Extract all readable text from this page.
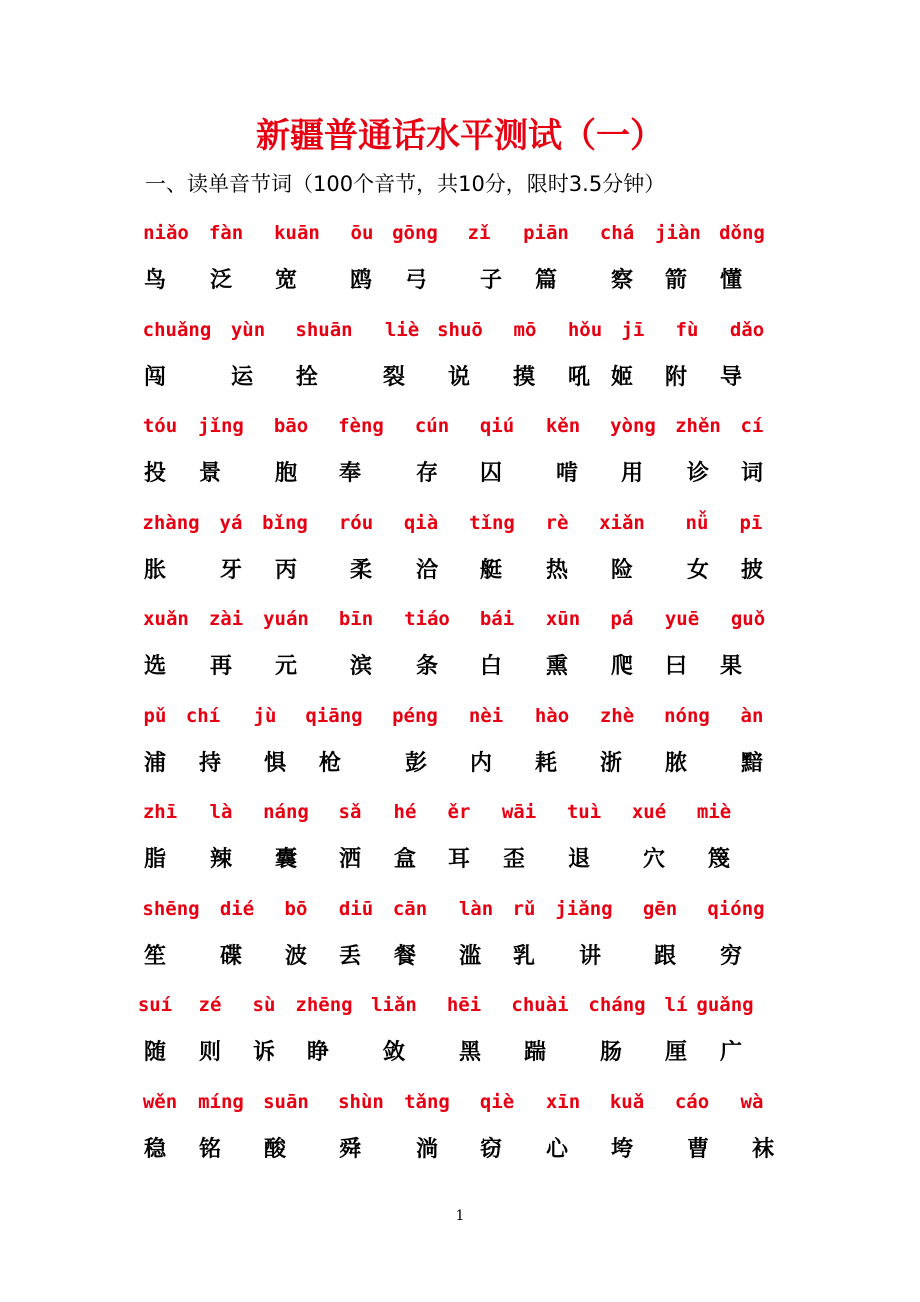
新疆普通话水平测试（一）
一、读单音节词（100个音节，共10分，限时3.5分钟）
niǎo fàn kuān ōu gōng zǐ piān chá jiàn dǒng
鸟 泛 宽 鸥 弓 子 篇 察 箭 懂
chuǎng yùn shuān liè shuō mō hǒu jī fù dǎo
闯	运 拴	裂 说 摸 吼 姬 附 导
tóu jǐng bāo fèng cún qiú kěn yòng zhěn cí
投 景 胞 奉 存 囚 啃 用 诊 词
zhàng yá bǐng róu qià tǐng rè xiǎn nǚ pī
胀 牙 丙 柔 洽 艇 热 险 女 披
xuǎn zài yuán bīn tiáo bái xūn pá yuē guǒ
选 再 元 滨 条 白 熏 爬 曰 果
pǔ chí jù qiāng péng nèi hào zhè nóng àn
浦 持 惧 枪	彭 内 耗 浙 脓 黯
zhī là náng sǎ hé ěr wāi tuì xué miè
脂 辣 囊 洒 盒 耳 歪 退 穴 篾
shēng dié bō diū cān làn rǔ jiǎng gēn qióng
笙 碟 波 丢 餐 滥 乳 讲 跟 穷
suí zé sù zhēng liǎn hēi chuài cháng lí guǎng
随 则 诉 睁 敛 黑 踹 肠 厘 广
wěn míng suān shùn tǎng qiè xīn kuǎ cáo wà
稳 铭 酸 舜 淌 窃 心 垮 曹 袜
1
